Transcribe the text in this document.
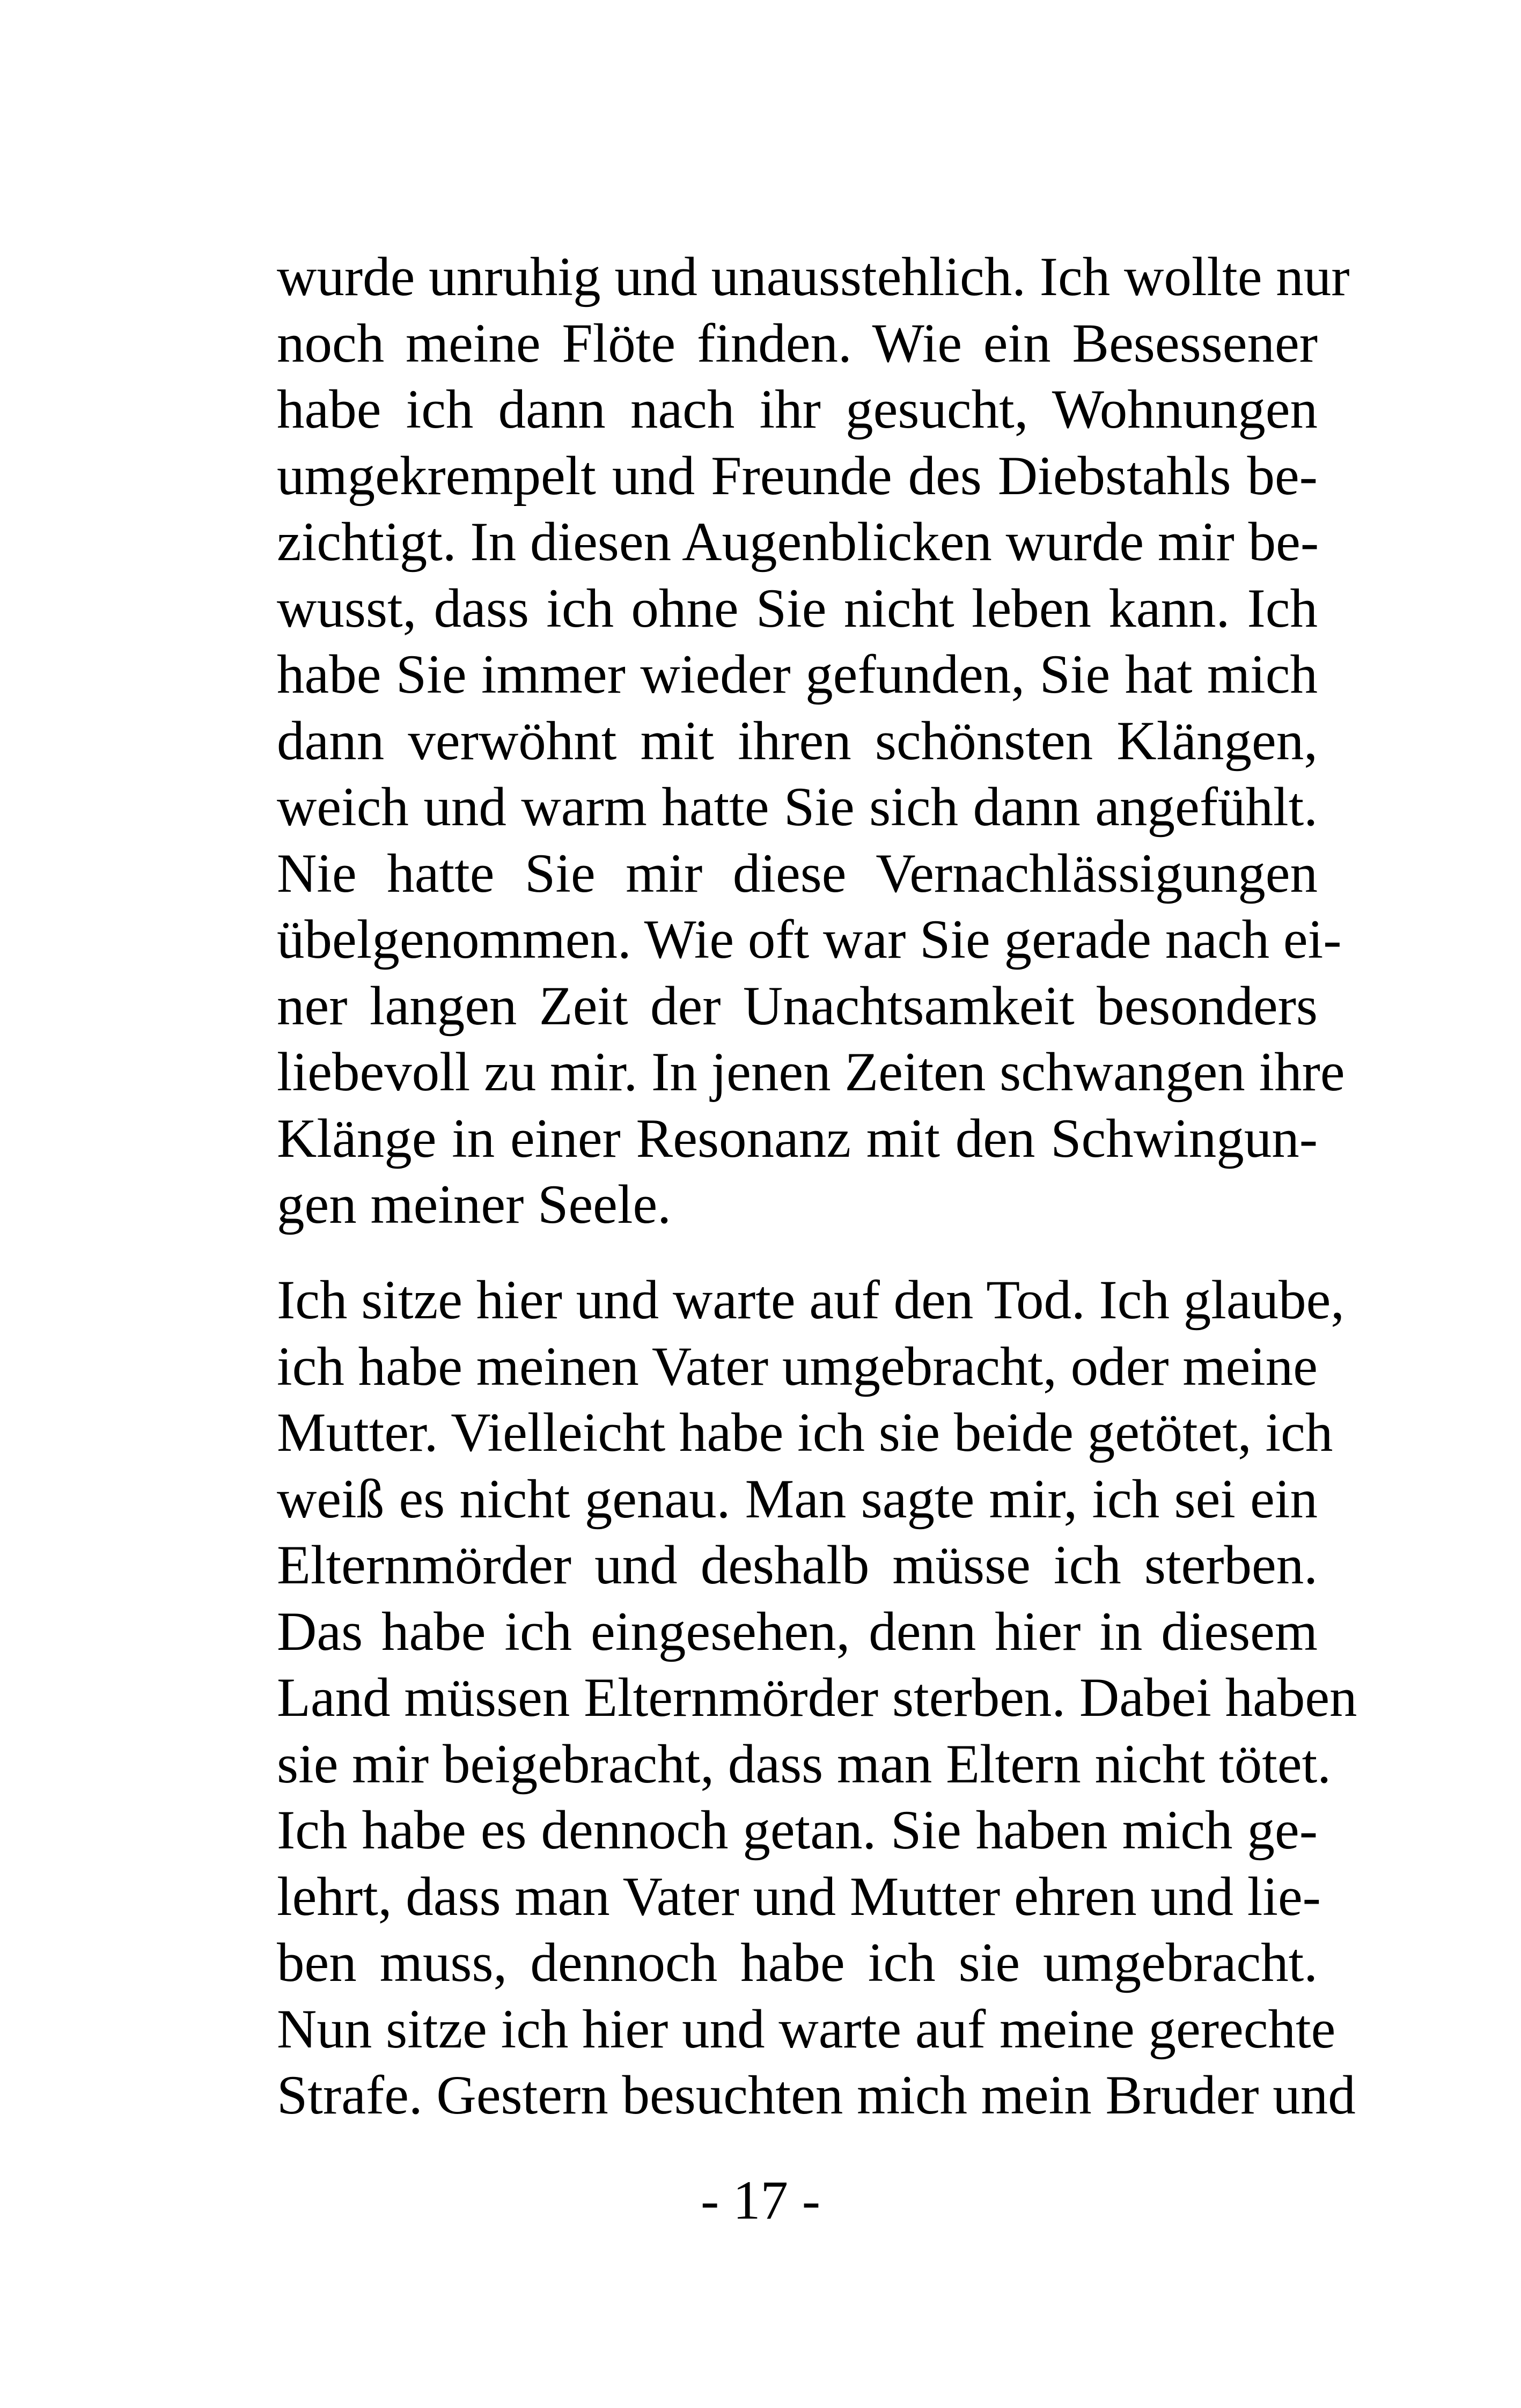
wurde unruhig und unausstehlich. Ich wollte nur
noch meine Flöte finden. Wie ein Besessener
habe ich dann nach ihr gesucht, Wohnungen
umgekrempelt und Freunde des Diebstahls be-
zichtigt. In diesen Augenblicken wurde mir be-
wusst, dass ich ohne Sie nicht leben kann. Ich
habe Sie immer wieder gefunden, Sie hat mich
dann verwöhnt mit ihren schönsten Klängen,
weich und warm hatte Sie sich dann angefühlt.
Nie hatte Sie mir diese Vernachlässigungen
übelgenommen. Wie oft war Sie gerade nach ei-
ner langen Zeit der Unachtsamkeit besonders
liebevoll zu mir. In jenen Zeiten schwangen ihre
Klänge in einer Resonanz mit den Schwingun-
gen meiner Seele.
Ich sitze hier und warte auf den Tod. Ich glaube,
ich habe meinen Vater umgebracht, oder meine
Mutter. Vielleicht habe ich sie beide getötet, ich
weiß es nicht genau. Man sagte mir, ich sei ein
Elternmörder und deshalb müsse ich sterben.
Das habe ich eingesehen, denn hier in diesem
Land müssen Elternmörder sterben. Dabei haben
sie mir beigebracht, dass man Eltern nicht tötet.
Ich habe es dennoch getan. Sie haben mich ge-
lehrt, dass man Vater und Mutter ehren und lie-
ben muss, dennoch habe ich sie umgebracht.
Nun sitze ich hier und warte auf meine gerechte
Strafe. Gestern besuchten mich mein Bruder und
- 17 -
